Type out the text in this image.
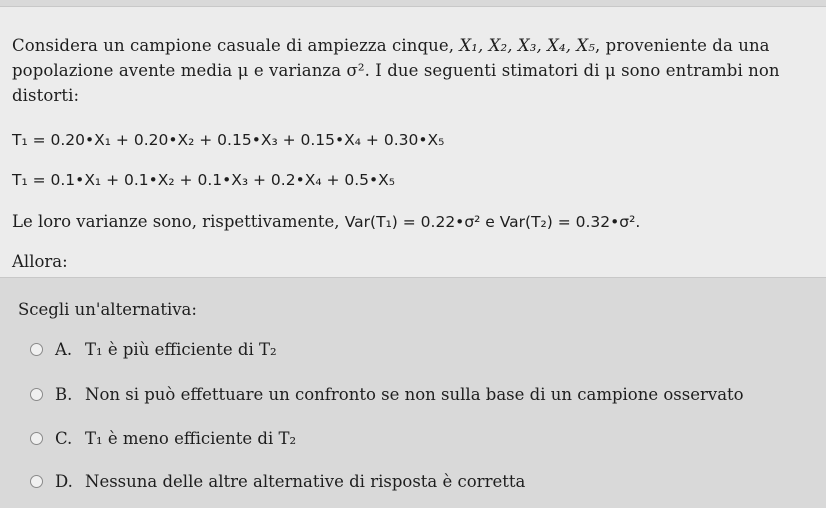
Considera un campione casuale di ampiezza cinque, X₁, X₂, X₃, X₄, X₅, proveniente da una popolazione avente media μ e varianza σ². I due seguenti stimatori di μ sono entrambi non distorti:
T₁ = 0.20•X₁ + 0.20•X₂ + 0.15•X₃ + 0.15•X₄ + 0.30•X₅
T₁ = 0.1•X₁ + 0.1•X₂ + 0.1•X₃ + 0.2•X₄ + 0.5•X₅
Le loro varianze sono, rispettivamente, Var(T₁) = 0.22•σ² e Var(T₂) = 0.32•σ².
Allora:
Scegli un'alternativa:
A. T₁ è più efficiente di T₂
B. Non si può effettuare un confronto se non sulla base di un campione osservato
C. T₁ è meno efficiente di T₂
D. Nessuna delle altre alternative di risposta è corretta
